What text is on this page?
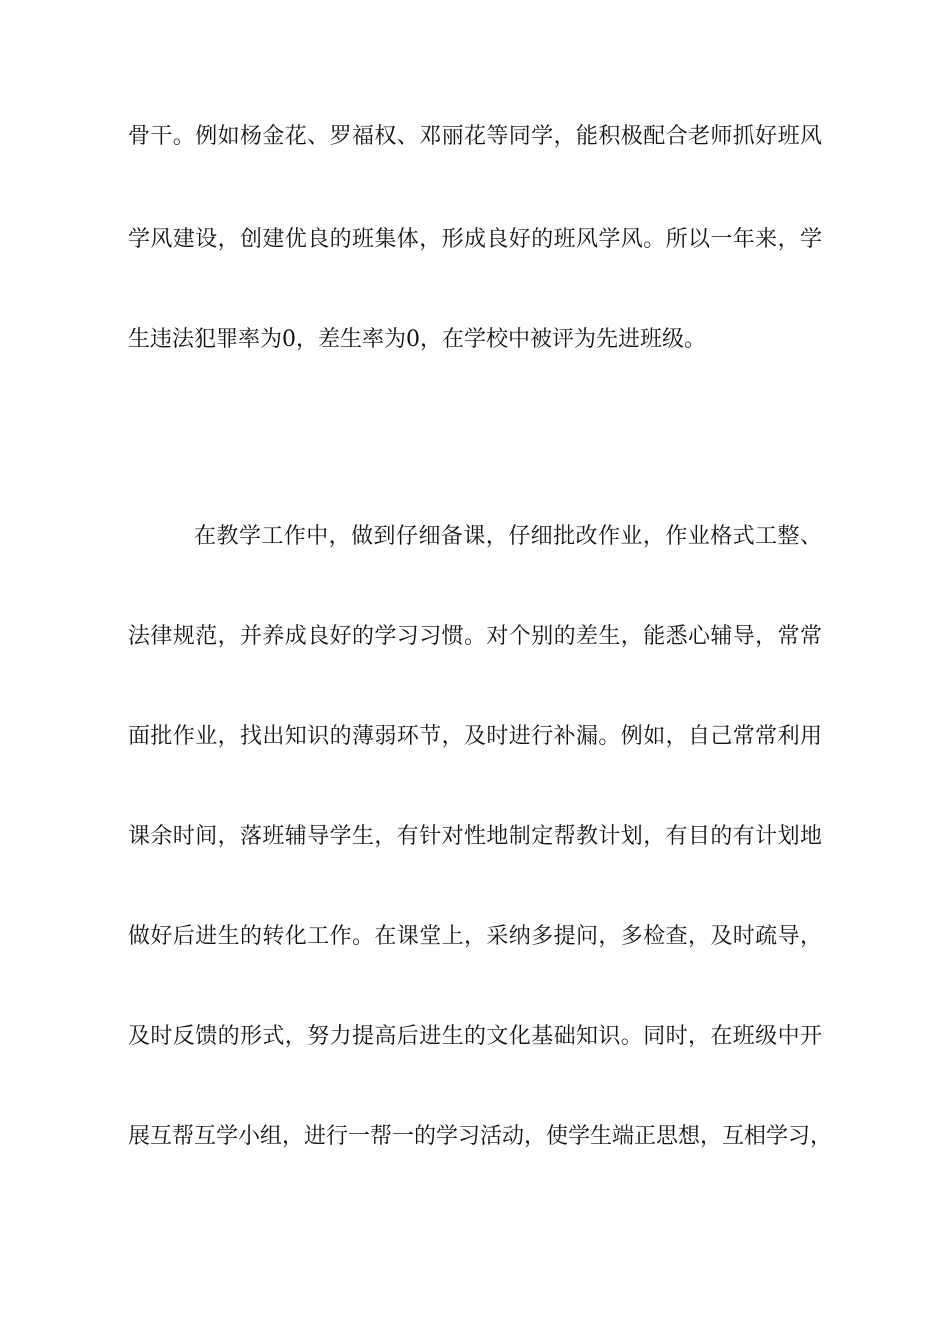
骨干。例如杨金花、罗福权、邓丽花等同学，能积极配合老师抓好班风
学风建设，创建优良的班集体，形成良好的班风学风。所以一年来，学
生违法犯罪率为0，差生率为0，在学校中被评为先进班级。
在教学工作中，做到仔细备课，仔细批改作业，作业格式工整、
法律规范，并养成良好的学习习惯。对个别的差生，能悉心辅导，常常
面批作业，找出知识的薄弱环节，及时进行补漏。例如，自己常常利用
课余时间，落班辅导学生，有针对性地制定帮教计划，有目的有计划地
做好后进生的转化工作。在课堂上，采纳多提问，多检查，及时疏导，
及时反馈的形式，努力提高后进生的文化基础知识。同时，在班级中开
展互帮互学小组，进行一帮一的学习活动，使学生端正思想，互相学习，
